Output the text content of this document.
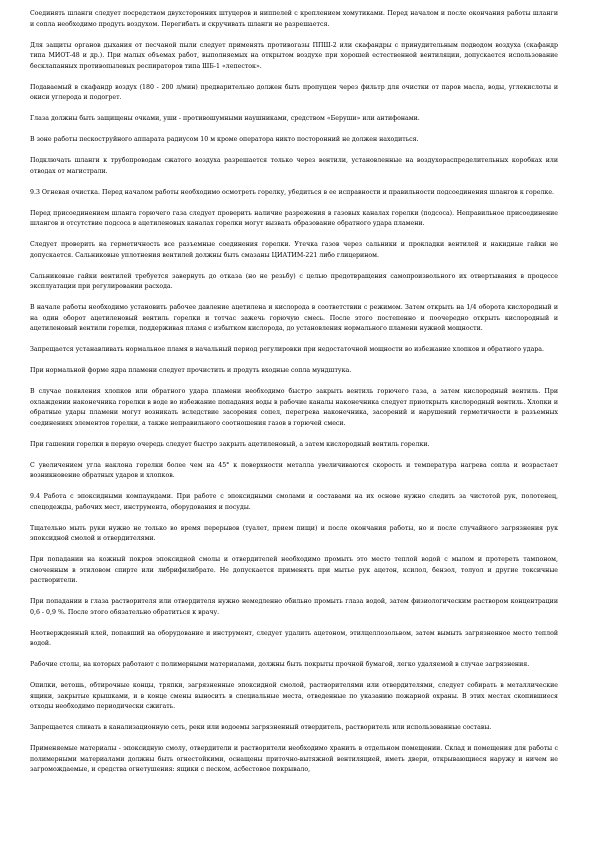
Соединять шланги следует посредством двухсторонних штуцеров и ниппелей с креплением хомутиками. Перед началом и после окончания работы шланги и сопла необходимо продуть воздухом. Перегибать и скручивать шланги не разрешается.

Для защиты органов дыхания от песчаной пыли следует применять противогазы ППШ-2 или скафандры с принудительным подводом воздуха (скафандр типа МИОТ-48 и др.). При малых объемах работ, выполняемых на открытом воздухе при хорошей естественной вентиляции, допускается использование бесклапанных противопылевых респираторов типа ШБ-1 «лепесток».

Подаваемый в скафандр воздух (180 - 200 л/мин) предварительно должен быть пропущен через фильтр для очистки от паров масла, воды, углекислоты и окиси углерода и подогрет.

Глаза должны быть защищены очками, уши - противошумными наушниками, средством «Беруши» или антифонами.

В зоне работы пескоструйного аппарата радиусом 10 м кроме оператора никто посторонний не должен находиться.

Подключать шланги к трубопроводам сжатого воздуха разрешается только через вентили, установленные на воздухораспределительных коробках или отводах от магистрали.

9.3 Огневая очистка. Перед началом работы необходимо осмотреть горелку, убедиться в ее исправности и правильности подсоединения шлангов к горелке.

Перед присоединением шланга горючего газа следует проверить наличие разрежения в газовых каналах горелки (подсоса). Неправильное присоединение шлангов и отсутствие подсоса в ацетиленовых каналах горелки могут вызвать образование обратного удара пламени.

Следует проверить на герметичность все разъемные соединения горелки. Утечка газов через сальники и прокладки вентилей и накидные гайки не допускается. Сальниковые уплотнения вентилей должны быть смазаны ЦИАТИМ-221 либо глицерином.

Сальниковые гайки вентилей требуется завернуть до отказа (но не резьбу) с целью предотвращения самопроизвольного их отвертывания в процессе эксплуатации при регулировании расхода.

В начале работы необходимо установить рабочее давление ацетилена и кислорода в соответствии с режимом. Затем открыть на 1/4 оборота кислородный и на один оборот ацетиленовый вентиль горелки и тотчас зажечь горючую смесь. После этого постепенно и поочередно открыть кислородный и ацетиленовый вентили горелки, поддерживая пламя с избытком кислорода, до установления нормального пламени нужной мощности.

Запрещается устанавливать нормальное пламя в начальный период регулировки при недостаточной мощности во избежание хлопков и обратного удара.

При нормальной форме ядра пламени следует прочистить и продуть входные сопла мундштука.

В случае появления хлопков или обратного удара пламени необходимо быстро закрыть вентиль горючего газа, а затем кислородный вентиль. При охлаждении наконечника горелки в воде во избежание попадания воды в рабочие каналы наконечника следует приоткрыть кислородный вентиль. Хлопки и обратные удары пламени могут возникать вследствие засорения сопел, перегрева наконечника, засорений и нарушений герметичности в разъемных соединениях элементов горелки, а также неправильного соотношения газов в горючей смеси.

При гашении горелки в первую очередь следует быстро закрыть ацетиленовый, а затем кислородный вентиль горелки.

С увеличением угла наклона горелки более чем на 45° к поверхности металла увеличиваются скорость и температура нагрева сопла и возрастает возникновение обратных ударов и хлопков.

9.4 Работа с эпоксидными компаундами. При работе с эпоксидными смолами и составами на их основе нужно следить за чистотой рук, полотенец, спецодежды, рабочих мест, инструмента, оборудования и посуды.

Тщательно мыть руки нужно не только во время перерывов (туалет, прием пищи) и после окончания работы, но и после случайного загрязнения рук эпоксидной смолой и отвердителями.

При попадании на кожный покров эпоксидной смолы и отвердителей необходимо промыть это место теплой водой с мылом и протереть тампоном, смоченным в этиловом спирте или либрифилибрате. Не допускается применять при мытье рук ацетон, ксилол, бензол, толуол и другие токсичные растворители.

При попадании в глаза растворителя или отвердителя нужно немедленно обильно промыть глаза водой, затем физиологическим раствором концентрации 0,6 - 0,9 %. После этого обязательно обратиться к врачу.

Неотвержденный клей, попавший на оборудование и инструмент, следует удалить ацетоном, этилцеллозольвом, затем вымыть загрязненное место теплой водой.

Рабочие столы, на которых работают с полимерными материалами, должны быть покрыты прочной бумагой, легко удаляемой в случае загрязнения.

Опилки, ветошь, обтирочные концы, тряпки, загрязненные эпоксидной смолой, растворителями или отвердителями, следует собирать в металлические ящики, закрытые крышками, и в конце смены выносить в специальные места, отведенные по указанию пожарной охраны. В этих местах скопившиеся отходы необходимо периодически сжигать.

Запрещается сливать в канализационную сеть, реки или водоемы загрязненный отвердитель, растворитель или использованные составы.

Применяемые материалы - эпоксидную смолу, отвердители и растворители необходимо хранить в отдельном помещении. Склад и помещения для работы с полимерными материалами должны быть огнестойкими, оснащены приточно-вытяжной вентиляцией, иметь двери, открывающиеся наружу и ничем не загромождаемые, и средства огнетушения: ящики с песком, асбестовое покрывало,
